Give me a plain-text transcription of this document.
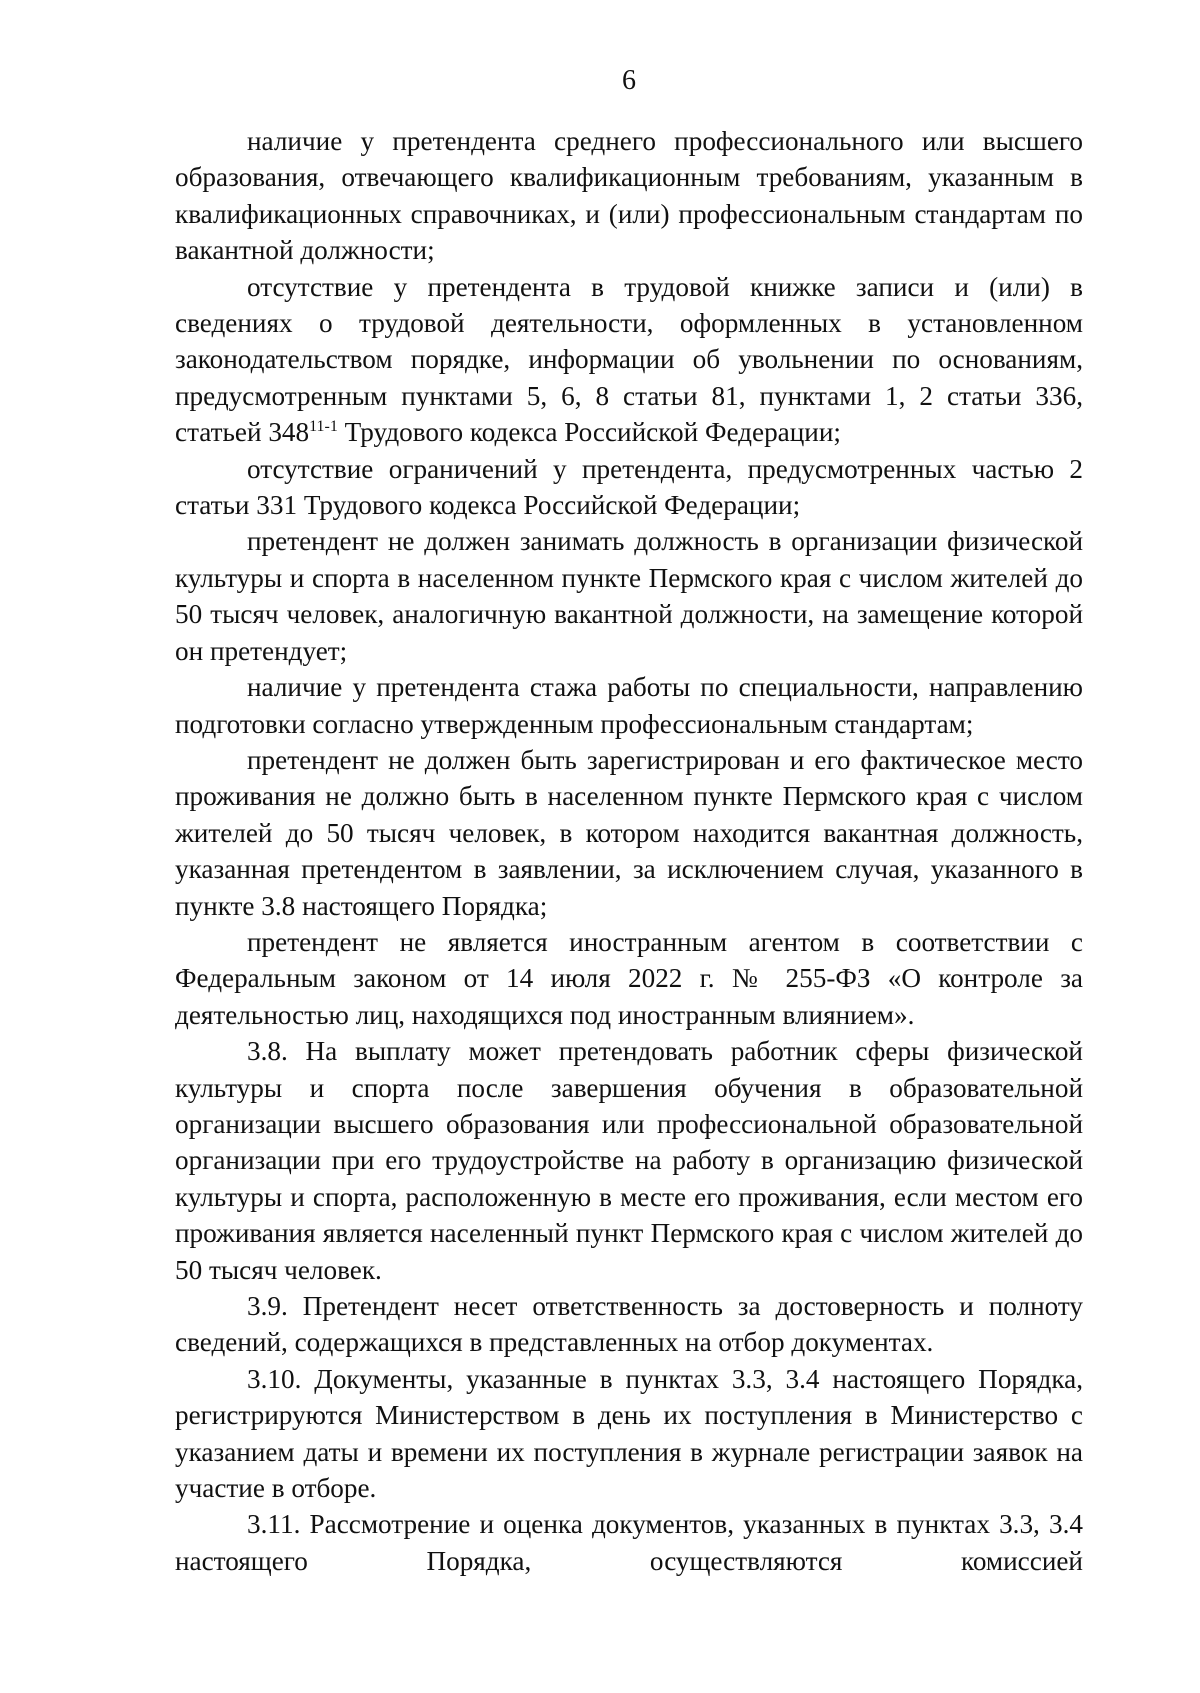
6

наличие у претендента среднего профессионального или высшего образования, отвечающего квалификационным требованиям, указанным в квалификационных справочниках, и (или) профессиональным стандартам по вакантной должности;

отсутствие у претендента в трудовой книжке записи и (или) в сведениях о трудовой деятельности, оформленных в установленном законодательством порядке, информации об увольнении по основаниям, предусмотренным пунктами 5, 6, 8 статьи 81, пунктами 1, 2 статьи 336, статьей 348$^{11-1}$ Трудового кодекса Российской Федерации;

отсутствие ограничений у претендента, предусмотренных частью 2 статьи 331 Трудового кодекса Российской Федерации;

претендент не должен занимать должность в организации физической культуры и спорта в населенном пункте Пермского края с числом жителей до 50 тысяч человек, аналогичную вакантной должности, на замещение которой он претендует;

наличие у претендента стажа работы по специальности, направлению подготовки согласно утвержденным профессиональным стандартам;

претендент не должен быть зарегистрирован и его фактическое место проживания не должно быть в населенном пункте Пермского края с числом жителей до 50 тысяч человек, в котором находится вакантная должность, указанная претендентом в заявлении, за исключением случая, указанного в пункте 3.8 настоящего Порядка;

претендент не является иностранным агентом в соответствии с Федеральным законом от 14 июля 2022 г. № 255-ФЗ «О контроле за деятельностью лиц, находящихся под иностранным влиянием».

3.8. На выплату может претендовать работник сферы физической культуры и спорта после завершения обучения в образовательной организации высшего образования или профессиональной образовательной организации при его трудоустройстве на работу в организацию физической культуры и спорта, расположенную в месте его проживания, если местом его проживания является населенный пункт Пермского края с числом жителей до 50 тысяч человек.

3.9. Претендент несет ответственность за достоверность и полноту сведений, содержащихся в представленных на отбор документах.

3.10. Документы, указанные в пунктах 3.3, 3.4 настоящего Порядка, регистрируются Министерством в день их поступления в Министерство с указанием даты и времени их поступления в журнале регистрации заявок на участие в отборе.

3.11. Рассмотрение и оценка документов, указанных в пунктах 3.3, 3.4 настоящего Порядка, осуществляются комиссией
